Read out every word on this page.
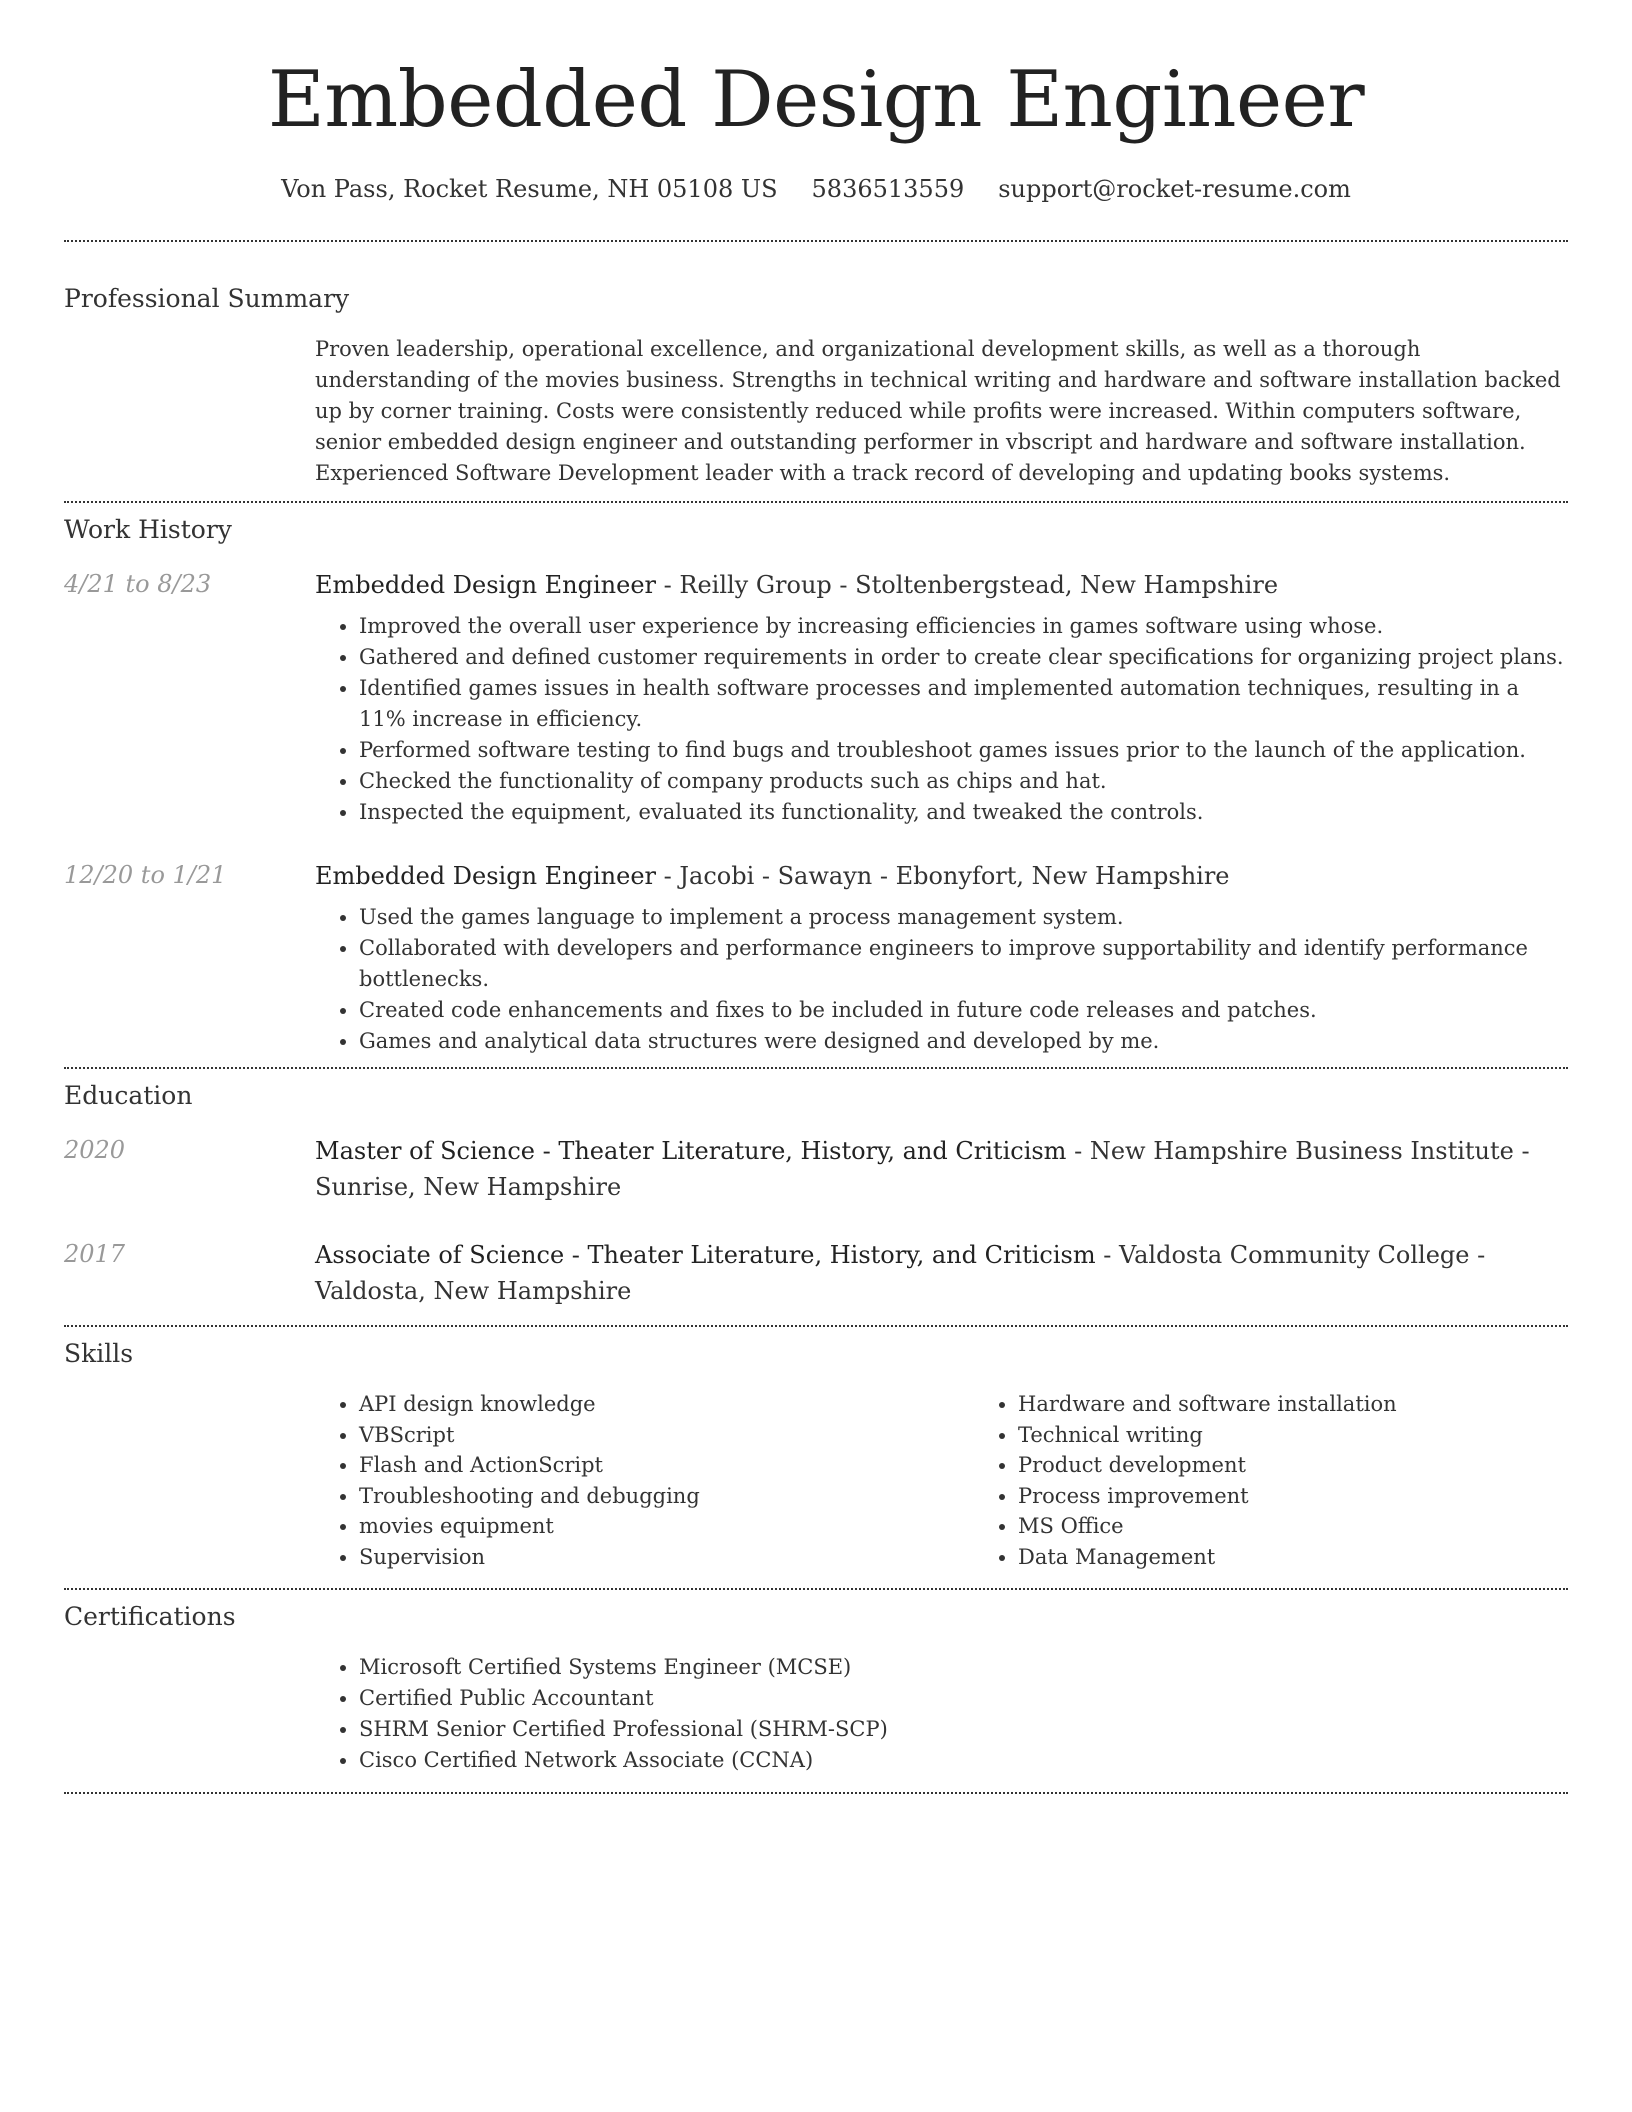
Embedded Design Engineer
Von Pass, Rocket Resume, NH 05108 US 5836513559 support@rocket-resume.com
Professional Summary
Proven leadership, operational excellence, and organizational development skills, as well as a thorough understanding of the movies business. Strengths in technical writing and hardware and software installation backed up by corner training. Costs were consistently reduced while profits were increased. Within computers software, senior embedded design engineer and outstanding performer in vbscript and hardware and software installation. Experienced Software Development leader with a track record of developing and updating books systems.
Work History
4/21 to 8/23	Embedded Design Engineer - Reilly Group - Stoltenbergstead, New Hampshire
• Improved the overall user experience by increasing efficiencies in games software using whose.
• Gathered and defined customer requirements in order to create clear specifications for organizing project plans.
• Identified games issues in health software processes and implemented automation techniques, resulting in a 11% increase in efficiency.
• Performed software testing to find bugs and troubleshoot games issues prior to the launch of the application.
• Checked the functionality of company products such as chips and hat.
• Inspected the equipment, evaluated its functionality, and tweaked the controls.
12/20 to 1/21	Embedded Design Engineer - Jacobi - Sawayn - Ebonyfort, New Hampshire
• Used the games language to implement a process management system.
• Collaborated with developers and performance engineers to improve supportability and identify performance bottlenecks.
• Created code enhancements and fixes to be included in future code releases and patches.
• Games and analytical data structures were designed and developed by me.
Education
2020	Master of Science - Theater Literature, History, and Criticism - New Hampshire Business Institute - Sunrise, New Hampshire
2017	Associate of Science - Theater Literature, History, and Criticism - Valdosta Community College - Valdosta, New Hampshire
Skills
• API design knowledge
• VBScript
• Flash and ActionScript
• Troubleshooting and debugging
• movies equipment
• Supervision
• Hardware and software installation
• Technical writing
• Product development
• Process improvement
• MS Office
• Data Management
Certifications
• Microsoft Certified Systems Engineer (MCSE)
• Certified Public Accountant
• SHRM Senior Certified Professional (SHRM-SCP)
• Cisco Certified Network Associate (CCNA)
